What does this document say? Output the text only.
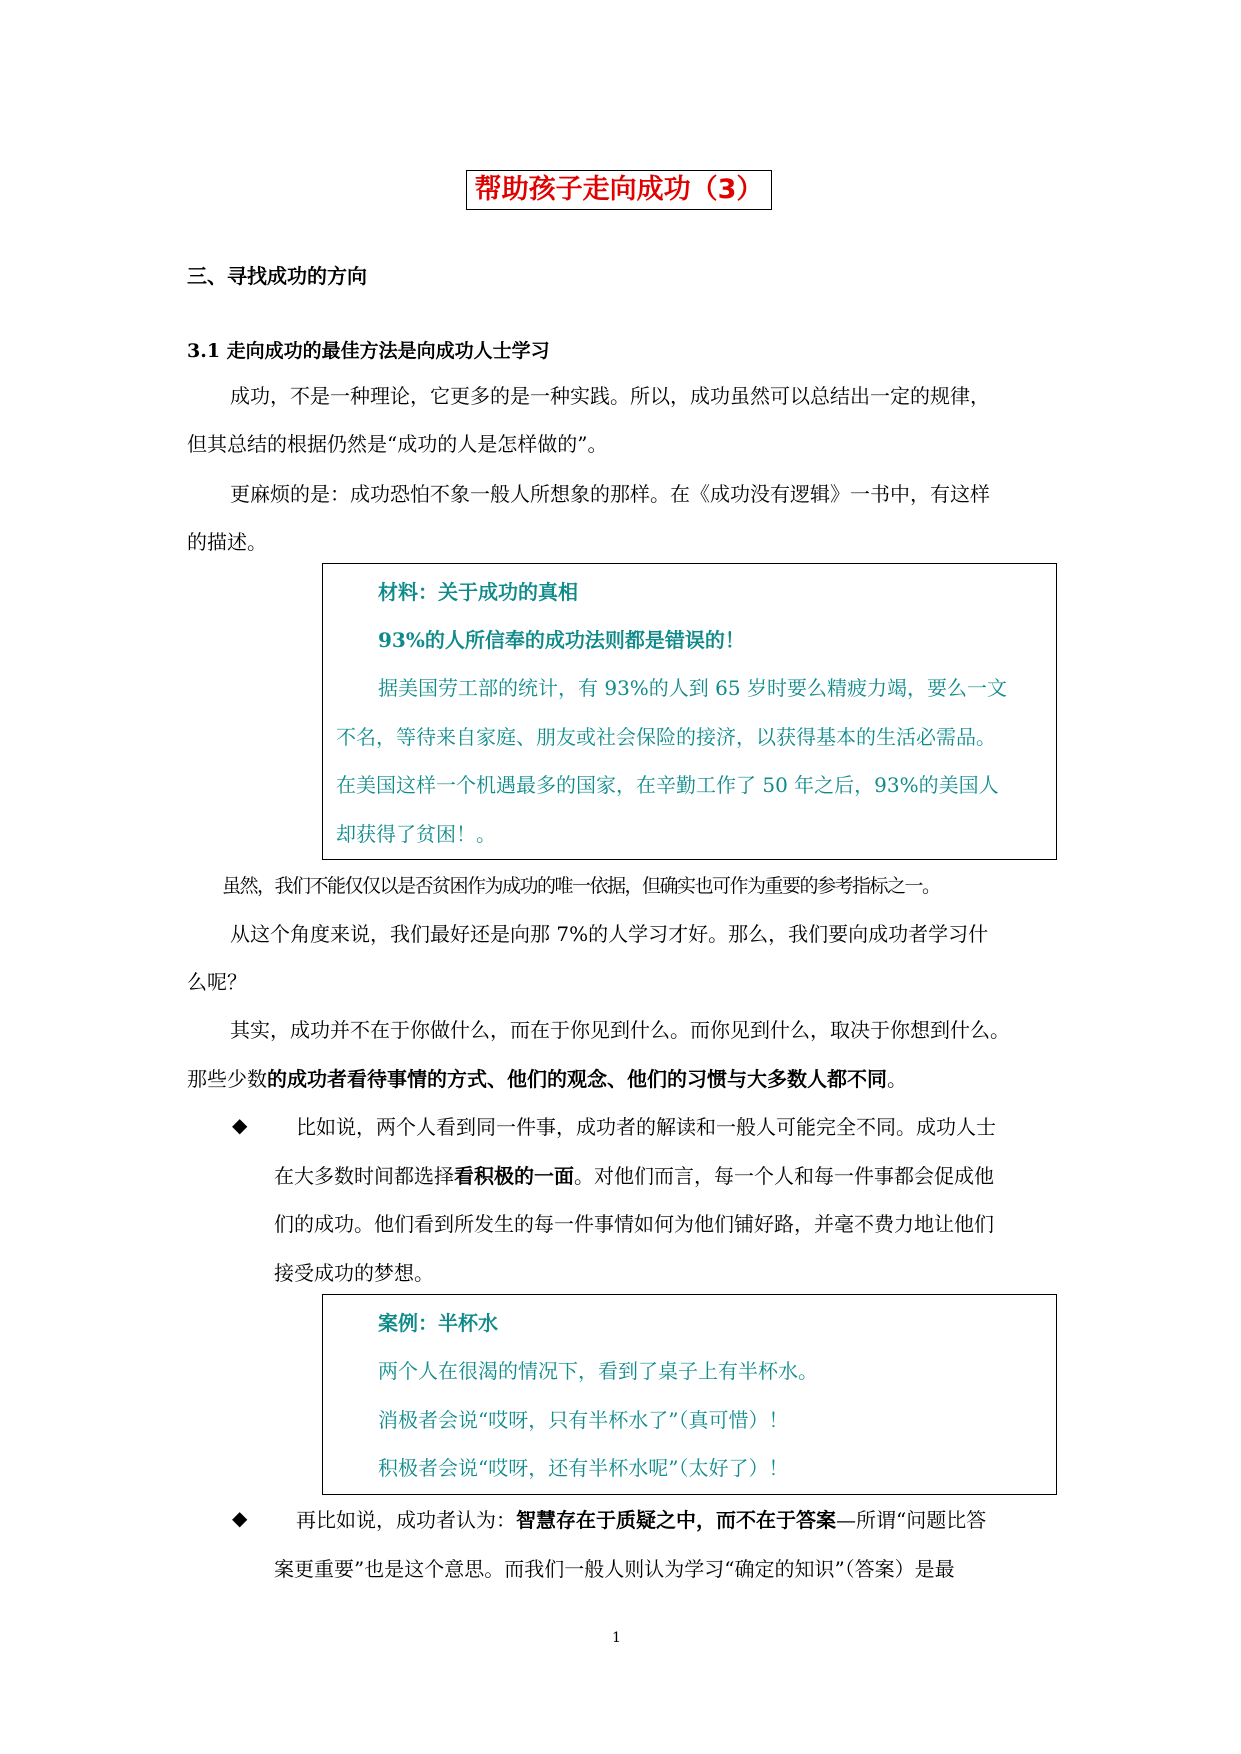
帮助孩子走向成功（3）
三、寻找成功的方向
3.1 走向成功的最佳方法是向成功人士学习
成功，不是一种理论，它更多的是一种实践。所以，成功虽然可以总结出一定的规律，
但其总结的根据仍然是“成功的人是怎样做的”。
更麻烦的是：成功恐怕不象一般人所想象的那样。在《成功没有逻辑》一书中，有这样
的描述。
材料：关于成功的真相
93%的人所信奉的成功法则都是错误的！
据美国劳工部的统计，有 93%的人到 65 岁时要么精疲力竭，要么一文
不名，等待来自家庭、朋友或社会保险的接济，以获得基本的生活必需品。
在美国这样一个机遇最多的国家，在辛勤工作了 50 年之后，93%的美国人
却获得了贫困！。
虽然，我们不能仅仅以是否贫困作为成功的唯一依据，但确实也可作为重要的参考指标之一。
从这个角度来说，我们最好还是向那 7%的人学习才好。那么，我们要向成功者学习什
么呢？
其实，成功并不在于你做什么，而在于你见到什么。而你见到什么，取决于你想到什么。
那些少数的成功者看待事情的方式、他们的观念、他们的习惯与大多数人都不同。
◆ 比如说，两个人看到同一件事，成功者的解读和一般人可能完全不同。成功人士
在大多数时间都选择看积极的一面。对他们而言，每一个人和每一件事都会促成他
们的成功。他们看到所发生的每一件事情如何为他们铺好路，并毫不费力地让他们
接受成功的梦想。
案例：半杯水
两个人在很渴的情况下，看到了桌子上有半杯水。
消极者会说“哎呀，只有半杯水了”（真可惜）！
积极者会说“哎呀，还有半杯水呢”（太好了）！
◆ 再比如说，成功者认为：智慧存在于质疑之中，而不在于答案—所谓“问题比答
案更重要”也是这个意思。而我们一般人则认为学习“确定的知识”（答案）是最
1
